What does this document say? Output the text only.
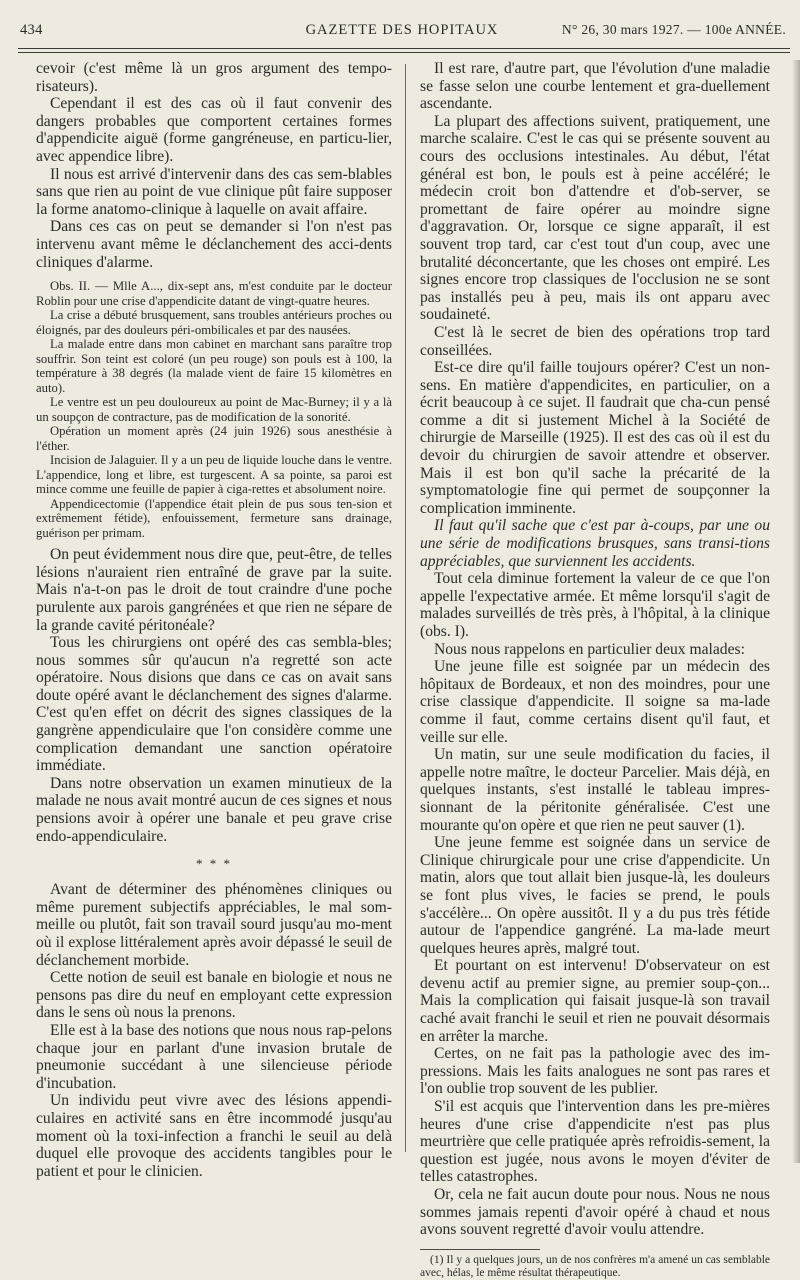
434	GAZETTE DES HOPITAUX	N° 26, 30 mars 1927. — 100e ANNÉE.

cevoir (c'est même là un gros argument des tempo-risateurs).

Cependant il est des cas où il faut convenir des dangers probables que comportent certaines formes d'appendicite aiguë (forme gangréneuse, en particu-lier, avec appendice libre).

Il nous est arrivé d'intervenir dans des cas sem-blables sans que rien au point de vue clinique pût faire supposer la forme anatomo-clinique à laquelle on avait affaire.

Dans ces cas on peut se demander si l'on n'est pas intervenu avant même le déclanchement des acci-dents cliniques d'alarme.

Obs. II. — Mlle A..., dix-sept ans, m'est conduite par le docteur Roblin pour une crise d'appendicite datant de vingt-quatre heures.

La crise a débuté brusquement, sans troubles antérieurs proches ou éloignés, par des douleurs péri-ombilicales et par des nausées.

La malade entre dans mon cabinet en marchant sans paraître trop souffrir. Son teint est coloré (un peu rouge) son pouls est à 100, la température à 38 degrés (la malade vient de faire 15 kilomètres en auto).

Le ventre est un peu douloureux au point de Mac-Burney; il y a là un soupçon de contracture, pas de modification de la sonorité.

Opération un moment après (24 juin 1926) sous anesthésie à l'éther.

Incision de Jalaguier. Il y a un peu de liquide louche dans le ventre. L'appendice, long et libre, est turgescent. A sa pointe, sa paroi est mince comme une feuille de papier à ciga-rettes et absolument noire.

Appendicectomie (l'appendice était plein de pus sous ten-sion et extrêmement fétide), enfouissement, fermeture sans drainage, guérison per primam.

On peut évidemment nous dire que, peut-être, de telles lésions n'auraient rien entraîné de grave par la suite. Mais n'a-t-on pas le droit de tout craindre d'une poche purulente aux parois gangrénées et que rien ne sépare de la grande cavité péritonéale?

Tous les chirurgiens ont opéré des cas sembla-bles; nous sommes sûr qu'aucun n'a regretté son acte opératoire. Nous disions que dans ce cas on avait sans doute opéré avant le déclanchement des signes d'alarme. C'est qu'en effet on décrit des signes classiques de la gangrène appendiculaire que l'on considère comme une complication demandant une sanction opératoire immédiate.

Dans notre observation un examen minutieux de la malade ne nous avait montré aucun de ces signes et nous pensions avoir à opérer une banale et peu grave crise endo-appendiculaire.

* * *

Avant de déterminer des phénomènes cliniques ou même purement subjectifs appréciables, le mal som-meille ou plutôt, fait son travail sourd jusqu'au mo-ment où il explose littéralement après avoir dépassé le seuil de déclanchement morbide.

Cette notion de seuil est banale en biologie et nous ne pensons pas dire du neuf en employant cette expression dans le sens où nous la prenons.

Elle est à la base des notions que nous nous rap-pelons chaque jour en parlant d'une invasion brutale de pneumonie succédant à une silencieuse période d'incubation.

Un individu peut vivre avec des lésions appendi-culaires en activité sans en être incommodé jusqu'au moment où la toxi-infection a franchi le seuil au delà duquel elle provoque des accidents tangibles pour le patient et pour le clinicien.

Il est rare, d'autre part, que l'évolution d'une maladie se fasse selon une courbe lentement et gra-duellement ascendante.

La plupart des affections suivent, pratiquement, une marche scalaire. C'est le cas qui se présente souvent au cours des occlusions intestinales. Au début, l'état général est bon, le pouls est à peine accéléré; le médecin croit bon d'attendre et d'ob-server, se promettant de faire opérer au moindre signe d'aggravation. Or, lorsque ce signe apparaît, il est souvent trop tard, car c'est tout d'un coup, avec une brutalité déconcertante, que les choses ont empiré. Les signes encore trop classiques de l'occlusion ne se sont pas installés peu à peu, mais ils ont apparu avec soudaineté.

C'est là le secret de bien des opérations trop tard conseillées.

Est-ce dire qu'il faille toujours opérer? C'est un non-sens. En matière d'appendicites, en particulier, on a écrit beaucoup à ce sujet. Il faudrait que cha-cun pensé comme a dit si justement Michel à la Société de chirurgie de Marseille (1925). Il est des cas où il est du devoir du chirurgien de savoir attendre et observer. Mais il est bon qu'il sache la précarité de la symptomatologie fine qui permet de soupçonner la complication imminente.

Il faut qu'il sache que c'est par à-coups, par une ou une série de modifications brusques, sans transi-tions appréciables, que surviennent les accidents.

Tout cela diminue fortement la valeur de ce que l'on appelle l'expectative armée. Et même lorsqu'il s'agit de malades surveillés de très près, à l'hôpital, à la clinique (obs. I).

Nous nous rappelons en particulier deux malades:

Une jeune fille est soignée par un médecin des hôpitaux de Bordeaux, et non des moindres, pour une crise classique d'appendicite. Il soigne sa ma-lade comme il faut, comme certains disent qu'il faut, et veille sur elle.

Un matin, sur une seule modification du facies, il appelle notre maître, le docteur Parcelier. Mais déjà, en quelques instants, s'est installé le tableau impres-sionnant de la péritonite généralisée. C'est une mourante qu'on opère et que rien ne peut sauver (1).

Une jeune femme est soignée dans un service de Clinique chirurgicale pour une crise d'appendicite. Un matin, alors que tout allait bien jusque-là, les douleurs se font plus vives, le facies se prend, le pouls s'accélère... On opère aussitôt. Il y a du pus très fétide autour de l'appendice gangréné. La ma-lade meurt quelques heures après, malgré tout.

Et pourtant on est intervenu! D'observateur on est devenu actif au premier signe, au premier soup-çon... Mais la complication qui faisait jusque-là son travail caché avait franchi le seuil et rien ne pouvait désormais en arrêter la marche.

Certes, on ne fait pas la pathologie avec des im-pressions. Mais les faits analogues ne sont pas rares et l'on oublie trop souvent de les publier.

S'il est acquis que l'intervention dans les pre-mières heures d'une crise d'appendicite n'est pas plus meurtrière que celle pratiquée après refroidis-sement, la question est jugée, nous avons le moyen d'éviter de telles catastrophes.

Or, cela ne fait aucun doute pour nous. Nous ne nous sommes jamais repenti d'avoir opéré à chaud et nous avons souvent regretté d'avoir voulu attendre.

(1) Il y a quelques jours, un de nos confrères m'a amené un cas semblable avec, hélas, le même résultat thérapeutique.
